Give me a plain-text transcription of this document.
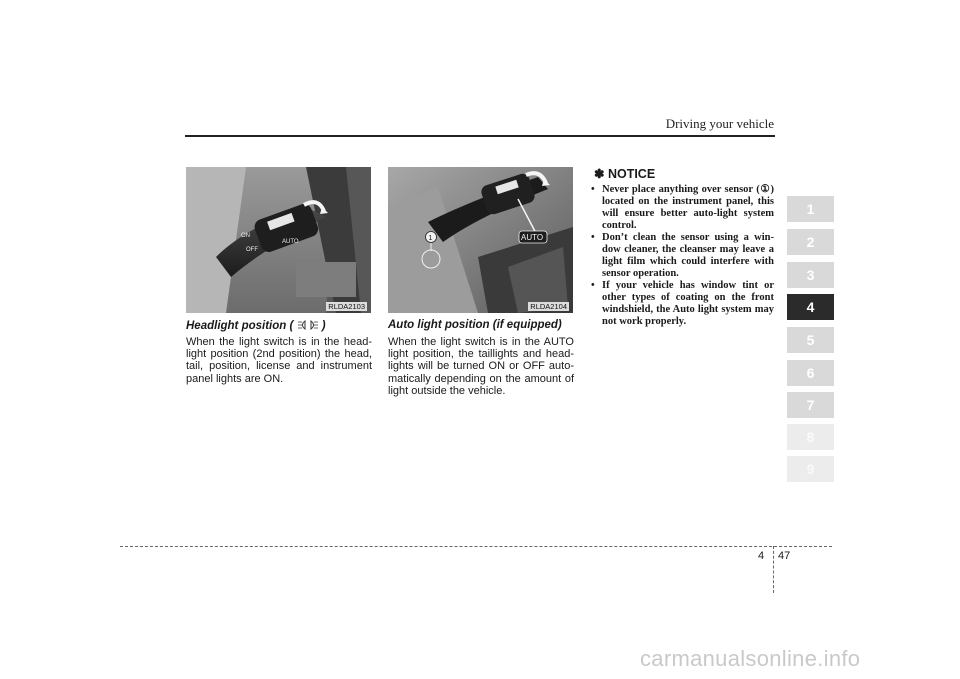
Driving your vehicle
ON
OFF
AUTO
RLDA2103
Headlight position ( )
When the light switch is in the head-light position (2nd position) the head, tail, position, license and instrument panel lights are ON.
AUTO
1
RLDA2104
Auto light position (if equipped)
When the light switch is in the AUTO light position, the taillights and head-lights will be turned ON or OFF auto-matically depending on the amount of light outside the vehicle.
✽ NOTICE
• Never place anything over sensor (①) located on the instrument panel, this will ensure better auto-light system control.
• Don’t clean the sensor using a win-dow cleaner, the cleanser may leave a light film which could interfere with sensor operation.
• If your vehicle has window tint or other types of coating on the front windshield, the Auto light system may not work properly.
1
2
3
4
5
6
7
8
9
4 47
carmanualsonline.info
